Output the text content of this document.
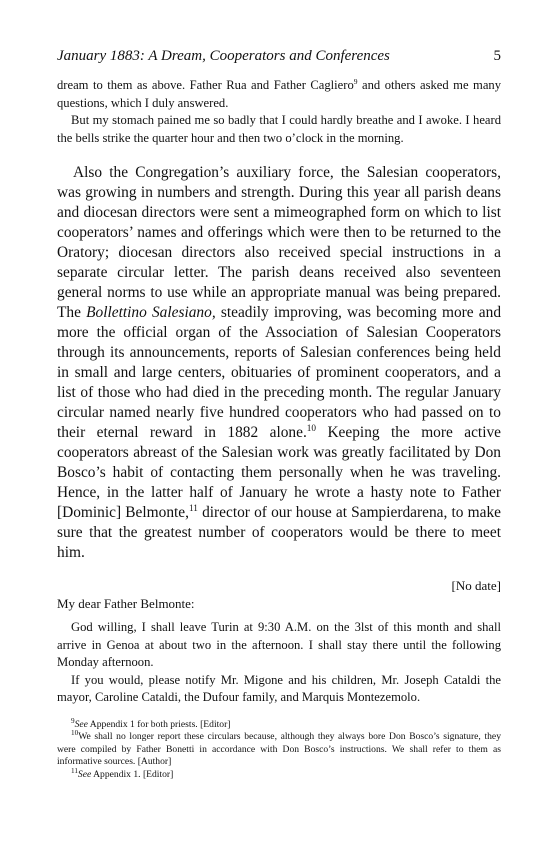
January 1883: A Dream, Cooperators and Conferences	5

dream to them as above. Father Rua and Father Cagliero$^9$ and others asked me many questions, which I duly answered.

But my stomach pained me so badly that I could hardly breathe and I awoke. I heard the bells strike the quarter hour and then two o’clock in the morning.

Also the Congregation’s auxiliary force, the Salesian cooperators, was growing in numbers and strength. During this year all parish deans and diocesan directors were sent a mimeographed form on which to list cooperators’ names and offerings which were then to be returned to the Oratory; diocesan directors also received special instructions in a separate circular letter. The parish deans received also seventeen general norms to use while an appropriate manual was being prepared. The Bollettino Salesiano, steadily improving, was becoming more and more the official organ of the Association of Salesian Cooperators through its announcements, reports of Salesian conferences being held in small and large centers, obituaries of prominent cooperators, and a list of those who had died in the preceding month. The regular January circular named nearly five hundred cooperators who had passed on to their eternal reward in 1882 alone.$^{10}$ Keeping the more active cooperators abreast of the Salesian work was greatly facilitated by Don Bosco’s habit of contacting them personally when he was traveling. Hence, in the latter half of January he wrote a hasty note to Father [Dominic] Belmonte,$^{11}$ director of our house at Sampierdarena, to make sure that the greatest number of cooperators would be there to meet him.

[No date]
My dear Father Belmonte:

God willing, I shall leave Turin at 9:30 A.M. on the 3lst of this month and shall arrive in Genoa at about two in the afternoon. I shall stay there until the following Monday afternoon.

If you would, please notify Mr. Migone and his children, Mr. Joseph Cataldi the mayor, Caroline Cataldi, the Dufour family, and Marquis Montezemolo.

$^9$See Appendix 1 for both priests. [Editor]

$^{10}$We shall no longer report these circulars because, although they always bore Don Bosco’s signature, they were compiled by Father Bonetti in accordance with Don Bosco’s instructions. We shall refer to them as informative sources. [Author]

$^{11}$See Appendix 1. [Editor]
